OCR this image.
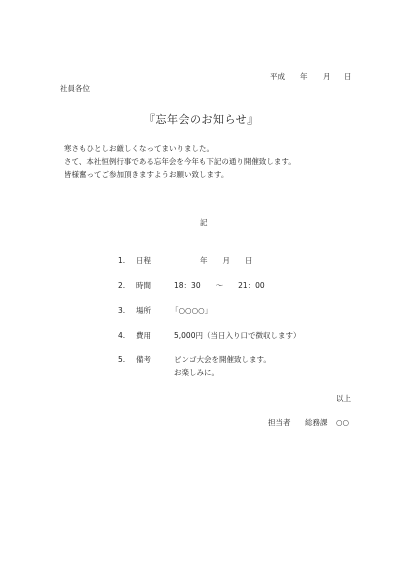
平成 年 月 日
社員各位
『忘年会のお知らせ』
寒さもひとしお厳しくなってまいりました。
さて、本社恒例行事である忘年会を今年も下記の通り開催致します。
皆様奮ってご参加頂きますようお願い致します。
記
1. 日程	年　　月　　日
2. 時間	18：30　　〜　　21：00
3. 場所	「○○○○」
4. 費用	5,000円（当日入り口で徴収します）
5. 備考	ビンゴ大会を開催致します。
お楽しみに。
以上
担当者 総務課 ○○
